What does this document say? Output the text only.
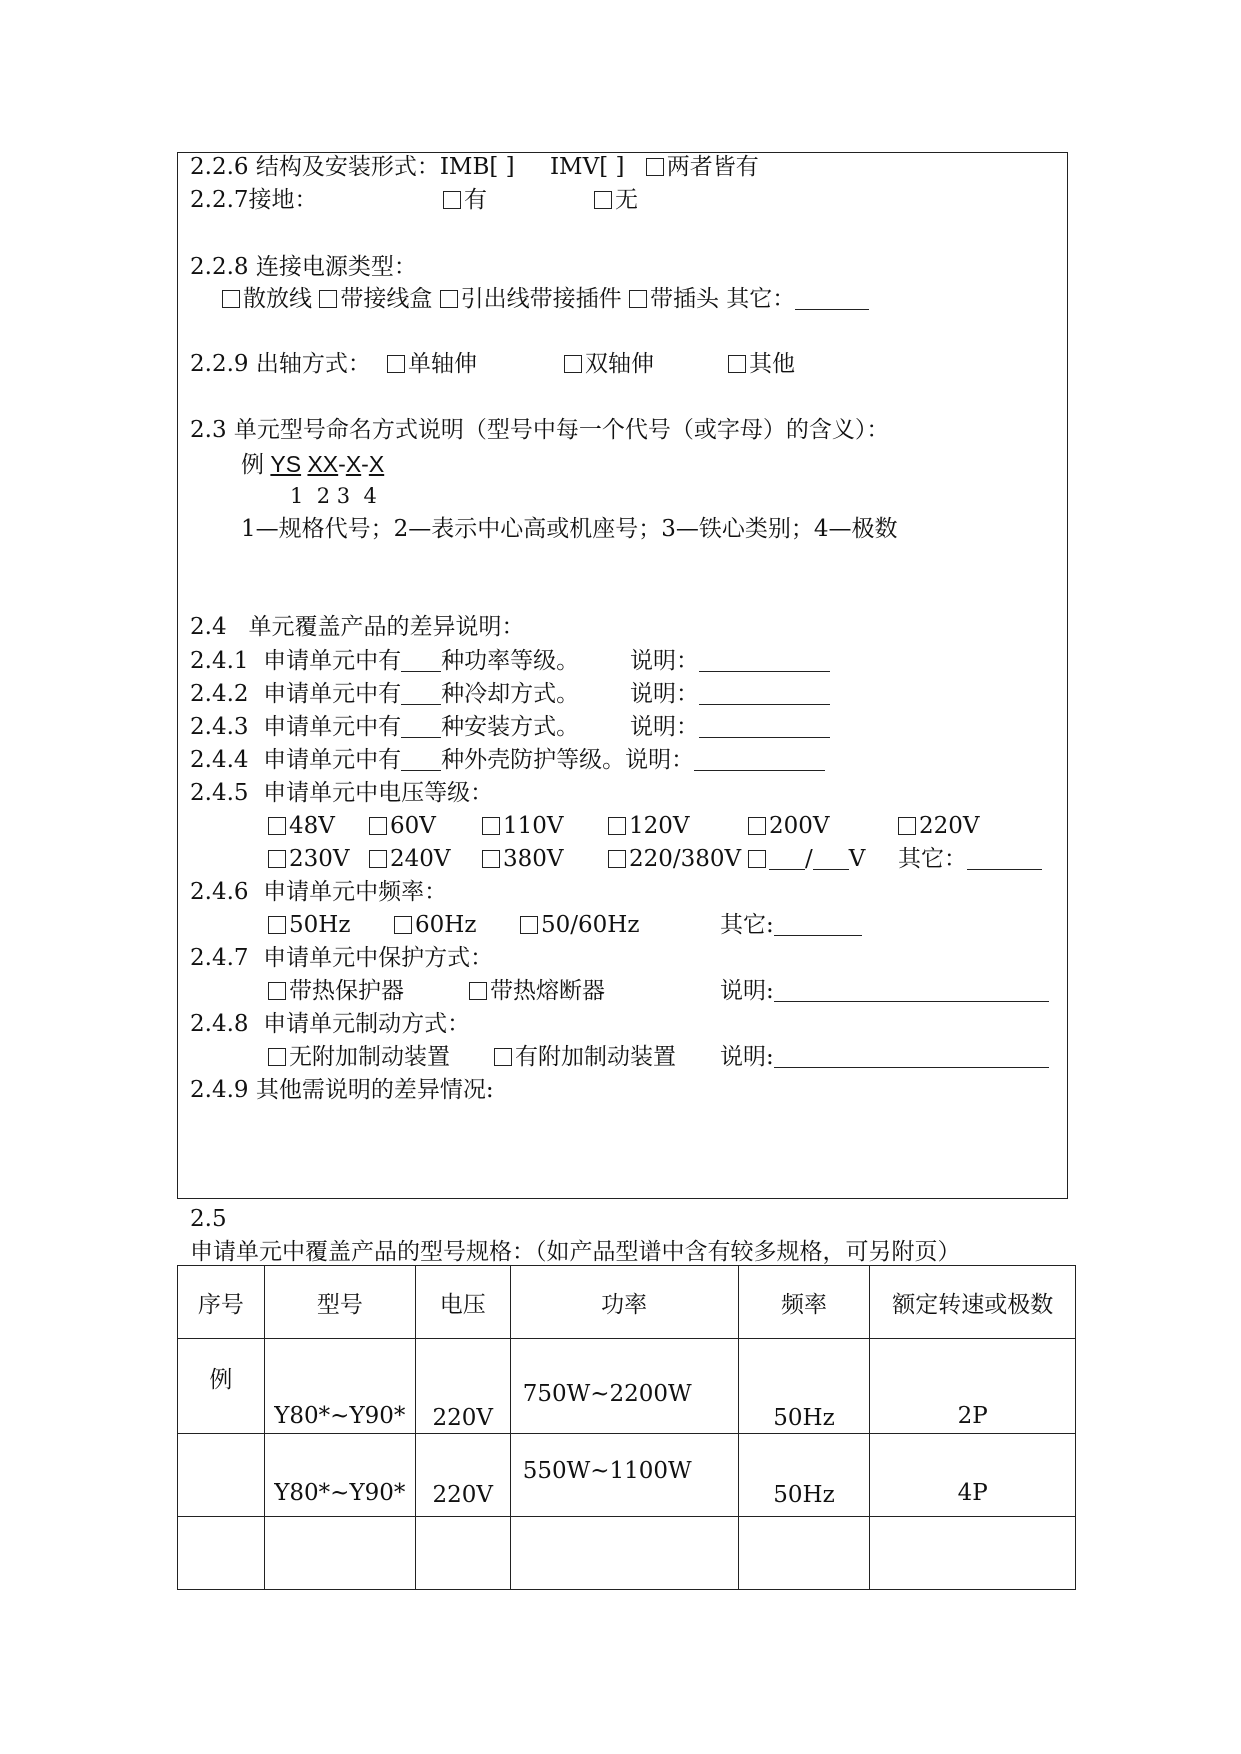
2.2.6 结构及安装形式：IMB[ ] IMV[ ] 两者皆有
2.2.7接地：	有	无
2.2.8 连接电源类型：
散放线 带接线盒 引出线带接插件 带插头 其它：
2.2.9 出轴方式：	单轴伸	双轴伸	其他
2.3 单元型号命名方式说明（型号中每一个代号（或字母）的含义）：
例 YS XX-X-X
1  2 3  4
1—规格代号；2—表示中心高或机座号；3—铁心类别；4—极数
2.4   单元覆盖产品的差异说明：
2.4.1 申请单元中有 种功率等级。 说明：
2.4.2 申请单元中有 种冷却方式。 说明：
2.4.3 申请单元中有 种安装方式。 说明：
2.4.4 申请单元中有 种外壳防护等级。说明：
2.4.5 申请单元中电压等级：
48V	60V	110V	120V	200V	220V
230V	240V	380V	220/380V	/ V 其它：
2.4.6 申请单元中频率：
50Hz	60Hz	50/60Hz	其它:
2.4.7 申请单元中保护方式：
带热保护器	带热熔断器	说明:
2.4.8 申请单元制动方式：
无附加制动装置	有附加制动装置 说明:
2.4.9 其他需说明的差异情况:
2.5
申请单元中覆盖产品的型号规格：（如产品型谱中含有较多规格，可另附页）
序号	型号	电压	功率	频率	额定转速或极数
例	Y80*~Y90*	220V	750W~2200W	50Hz	2P
	Y80*~Y90*	220V	550W~1100W	50Hz	4P
